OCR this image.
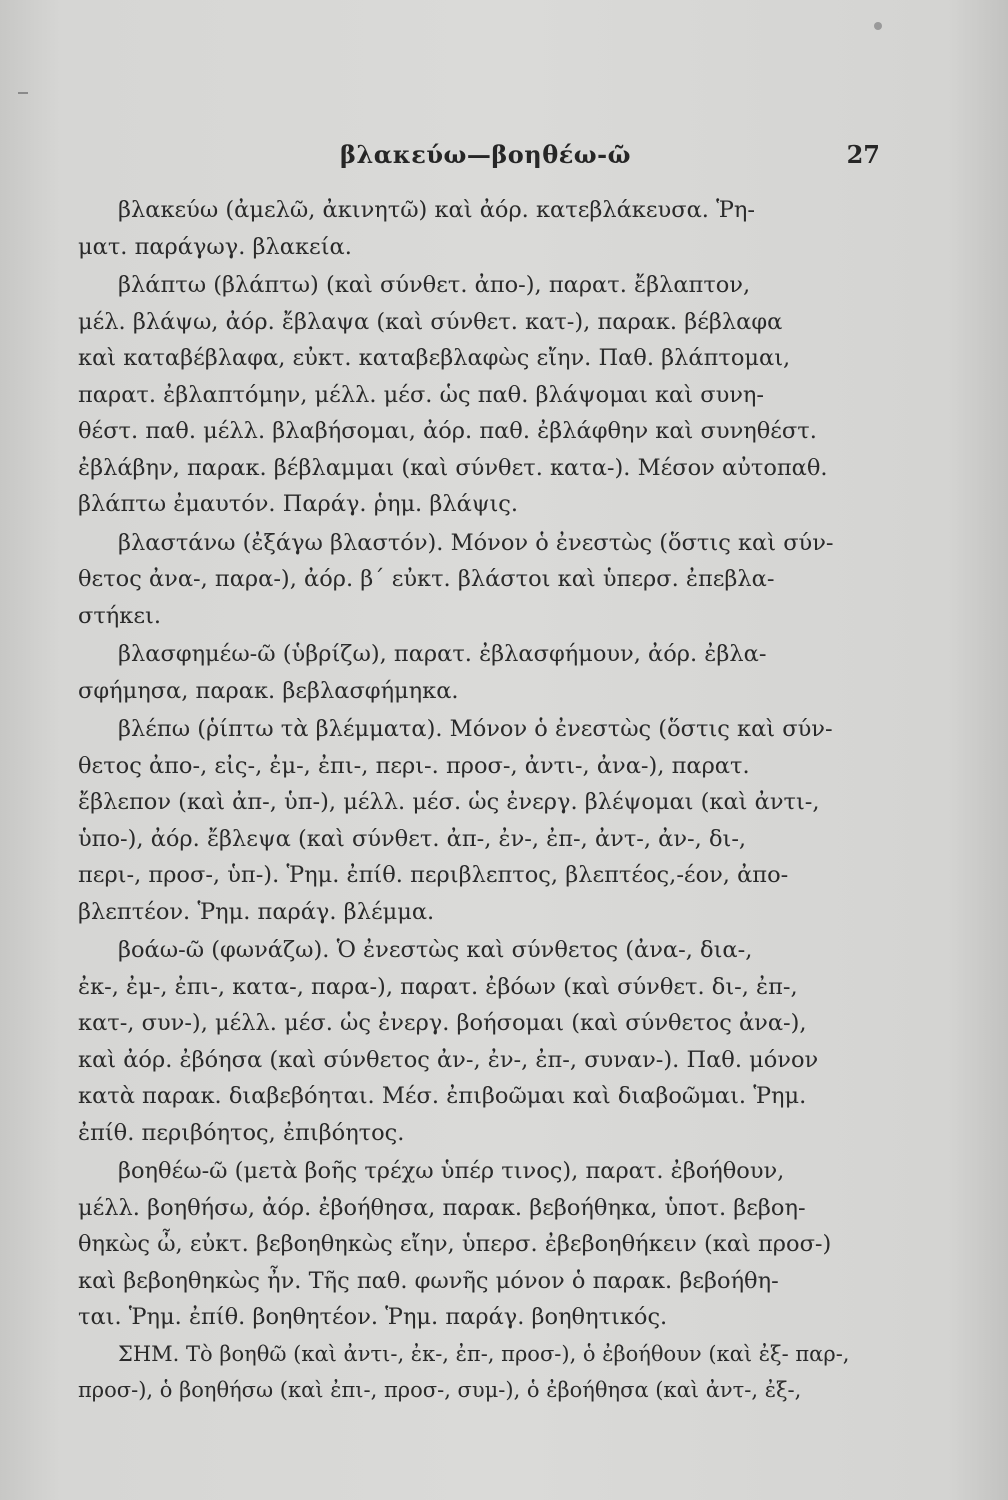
βλακεύω—βοηθέω-ῶ	27
βλακεύω (ἀμελῶ, ἀκινητῶ) καὶ ἀόρ. κατεβλάκευσα. Ῥη-
ματ. παράγωγ. βλακεία.
βλάπτω (βλάπτω) (καὶ σύνθετ. ἀπο-), παρατ. ἔβλαπτον,
μέλ. βλάψω, ἀόρ. ἔβλαψα (καὶ σύνθετ. κατ-), παρακ. βέβλαφα
καὶ καταβέβλαφα, εὐκτ. καταβεβλαφὼς εἴην. Παθ. βλάπτομαι,
παρατ. ἐβλαπτόμην, μέλλ. μέσ. ὡς παθ. βλάψομαι καὶ συνη-
θέστ. παθ. μέλλ. βλαβήσομαι, ἀόρ. παθ. ἐβλάφθην καὶ συνηθέστ.
ἐβλάβην, παρακ. βέβλαμμαι (καὶ σύνθετ. κατα-). Μέσον αὐτοπαθ.
βλάπτω ἐμαυτόν. Παράγ. ῥημ. βλάψις.
βλαστάνω (ἐξάγω βλαστόν). Μόνον ὁ ἐνεστὼς (ὅστις καὶ σύν-
θετος ἀνα-, παρα-), ἀόρ. β΄ εὐκτ. βλάστοι καὶ ὑπερσ. ἐπεβλα-
στήκει.
βλασφημέω-ῶ (ὑβρίζω), παρατ. ἐβλασφήμουν, ἀόρ. ἐβλα-
σφήμησα, παρακ. βεβλασφήμηκα.
βλέπω (ῥίπτω τὰ βλέμματα). Μόνον ὁ ἐνεστὼς (ὅστις καὶ σύν-
θετος ἀπο-, εἰς-, ἐμ-, ἐπι-, περι-. προσ-, ἀντι-, ἀνα-), παρατ.
ἔβλεπον (καὶ ἀπ-, ὑπ-), μέλλ. μέσ. ὡς ἐνεργ. βλέψομαι (καὶ ἀντι-,
ὑπο-), ἀόρ. ἔβλεψα (καὶ σύνθετ. ἀπ-, ἐν-, ἐπ-, ἀντ-, ἀν-, δι-,
περι-, προσ-, ὑπ-). Ῥημ. ἐπίθ. περιβλεπτος, βλεπτέος,-έον, ἀπο-
βλεπτέον. Ῥημ. παράγ. βλέμμα.
βοάω-ῶ (φωνάζω). Ὁ ἐνεστὼς καὶ σύνθετος (ἀνα-, δια-,
ἐκ-, ἐμ-, ἐπι-, κατα-, παρα-), παρατ. ἐβόων (καὶ σύνθετ. δι-, ἐπ-,
κατ-, συν-), μέλλ. μέσ. ὡς ἐνεργ. βοήσομαι (καὶ σύνθετος ἀνα-),
καὶ ἀόρ. ἐβόησα (καὶ σύνθετος ἀν-, ἐν-, ἐπ-, συναν-). Παθ. μόνον
κατὰ παρακ. διαβεβόηται. Μέσ. ἐπιβοῶμαι καὶ διαβοῶμαι. Ῥημ.
ἐπίθ. περιβόητος, ἐπιβόητος.
βοηθέω-ῶ (μετὰ βοῆς τρέχω ὑπέρ τινος), παρατ. ἐβοήθουν,
μέλλ. βοηθήσω, ἀόρ. ἐβοήθησα, παρακ. βεβοήθηκα, ὑποτ. βεβοη-
θηκὼς ὦ, εὐκτ. βεβοηθηκὼς εἴην, ὑπερσ. ἐβεβοηθήκειν (καὶ προσ-)
καὶ βεβοηθηκὼς ἦν. Τῆς παθ. φωνῆς μόνον ὁ παρακ. βεβοήθη-
ται. Ῥημ. ἐπίθ. βοηθητέον. Ῥημ. παράγ. βοηθητικός.
ΣΗΜ. Τὸ βοηθῶ (καὶ ἀντι-, ἐκ-, ἐπ-, προσ-), ὁ ἐβοήθουν (καὶ ἐξ- παρ-,
προσ-), ὁ βοηθήσω (καὶ ἐπι-, προσ-, συμ-), ὁ ἐβοήθησα (καὶ ἀντ-, ἐξ-,
